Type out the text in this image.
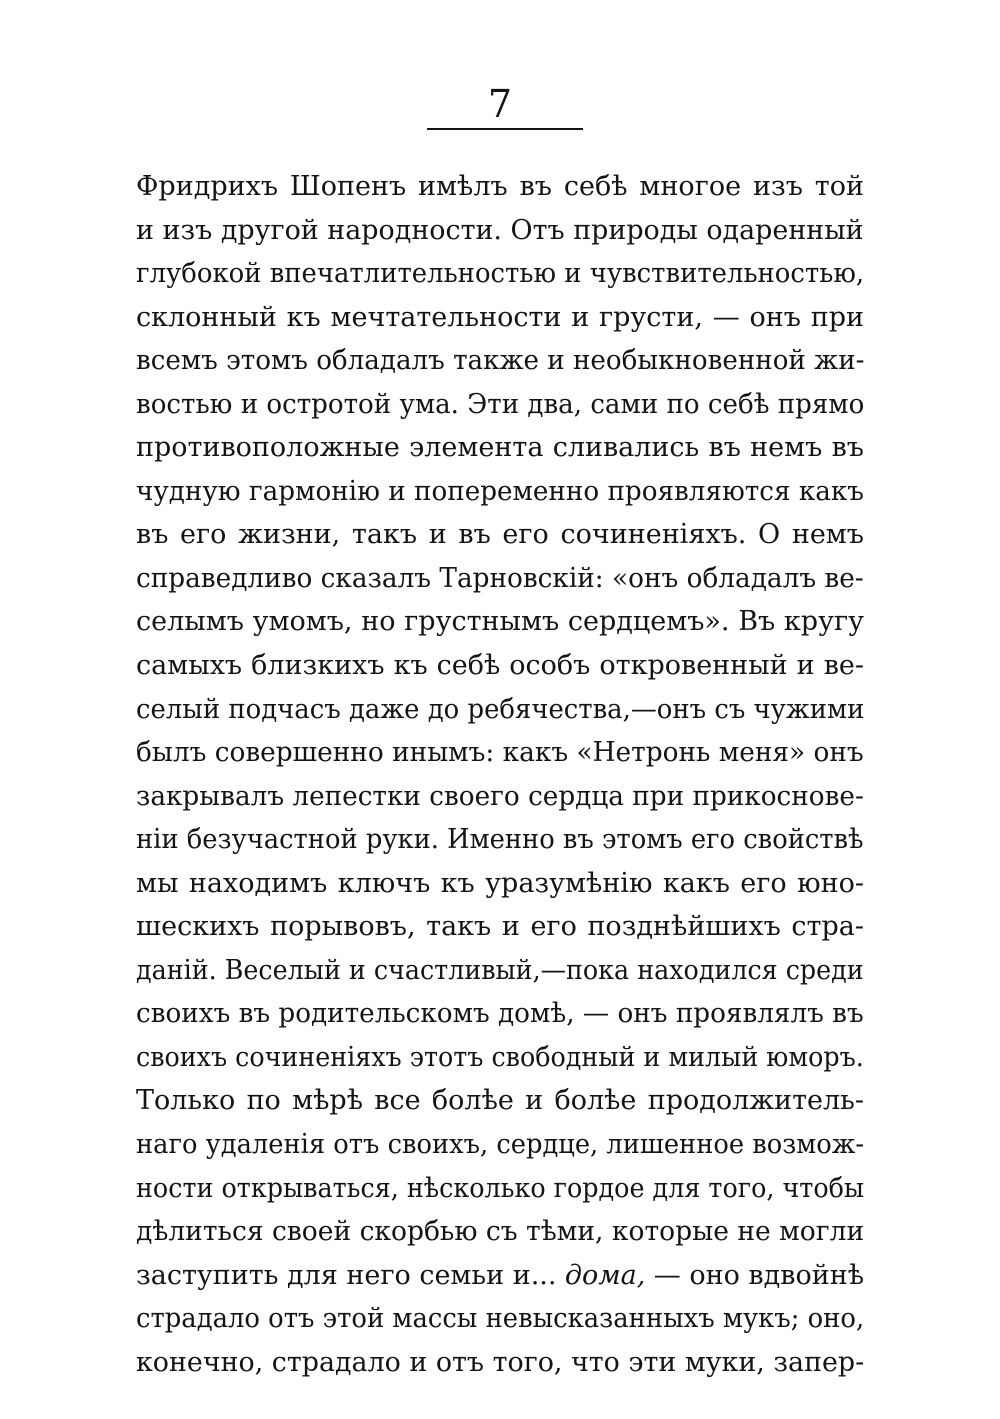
7
Фридрихъ Шопенъ имѣлъ въ себѣ многое изъ той
и изъ другой народности. Отъ природы одаренный
глубокой впечатлительностью и чувствительностью,
склонный къ мечтательности и грусти, — онъ при
всемъ этомъ обладалъ также и необыкновенной жи-
востью и остротой ума. Эти два, сами по себѣ прямо
противоположные элемента сливались въ немъ въ
чудную гармонію и попеременно проявляются какъ
въ его жизни, такъ и въ его сочиненіяхъ. О немъ
справедливо сказалъ Тарновскій: «онъ обладалъ ве-
селымъ умомъ, но грустнымъ сердцемъ». Въ кругу
самыхъ близкихъ къ себѣ особъ откровенный и ве-
селый подчасъ даже до ребячества,—онъ съ чужими
былъ совершенно инымъ: какъ «Нетронь меня» онъ
закрывалъ лепестки своего сердца при прикоснове-
ніи безучастной руки. Именно въ этомъ его свойствѣ
мы находимъ ключъ къ уразумѣнію какъ его юно-
шескихъ порывовъ, такъ и его позднѣйшихъ стра-
даній. Веселый и счастливый,—пока находился среди
своихъ въ родительскомъ домѣ, — онъ проявлялъ въ
своихъ сочиненіяхъ этотъ свободный и милый юморъ.
Только по мѣрѣ все болѣе и болѣе продолжитель-
наго удаленія отъ своихъ, сердце, лишенное возмож-
ности открываться, нѣсколько гордое для того, чтобы
дѣлиться своей скорбью съ тѣми, которые не могли
заступить для него семьи и... дома, — оно вдвойнѣ
страдало отъ этой массы невысказанныхъ мукъ; оно,
конечно, страдало и отъ того, что эти муки, запер-
